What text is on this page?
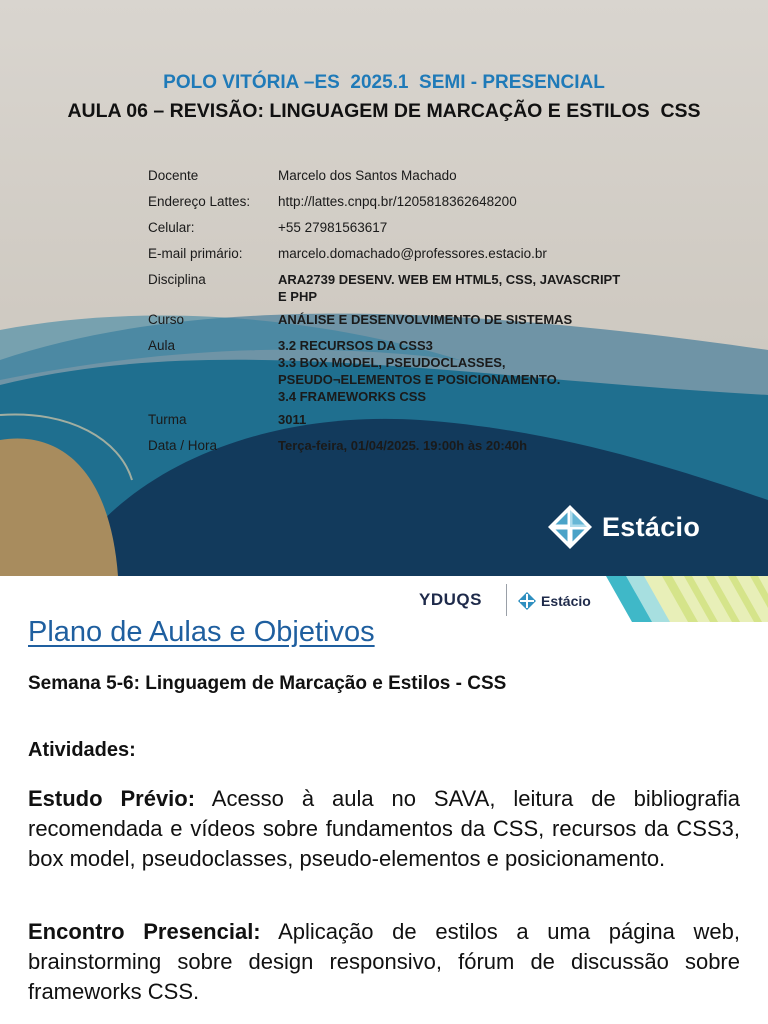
POLO VITÓRIA –ES  2025.1  SEMI - PRESENCIAL
AULA 06 – REVISÃO: LINGUAGEM DE MARCAÇÃO E ESTILOS  CSS
Docente	Marcelo dos Santos Machado
Endereço Lattes:	http://lattes.cnpq.br/1205818362648200
Celular:	+55 27981563617
E-mail primário:	marcelo.domachado@professores.estacio.br
Disciplina	ARA2739 DESENV. WEB EM HTML5, CSS, JAVASCRIPT
E PHP
Curso	ANÁLISE E DESENVOLVIMENTO DE SISTEMAS
Aula	3.2 RECURSOS DA CSS3
3.3 BOX MODEL, PSEUDOCLASSES,
PSEUDO¬ELEMENTOS E POSICIONAMENTO.
3.4 FRAMEWORKS CSS
Turma	3011
Data / Hora	Terça-feira, 01/04/2025. 19:00h às 20:40h
Estácio
YDUQS	Estácio
Plano de Aulas e Objetivos
Semana 5-6: Linguagem de Marcação e Estilos - CSS
Atividades:
Estudo Prévio: Acesso à aula no SAVA, leitura de bibliografia recomendada e vídeos sobre fundamentos da CSS, recursos da CSS3, box model, pseudoclasses, pseudo-elementos e posicionamento.
Encontro Presencial: Aplicação de estilos a uma página web, brainstorming sobre design responsivo, fórum de discussão sobre frameworks CSS.
